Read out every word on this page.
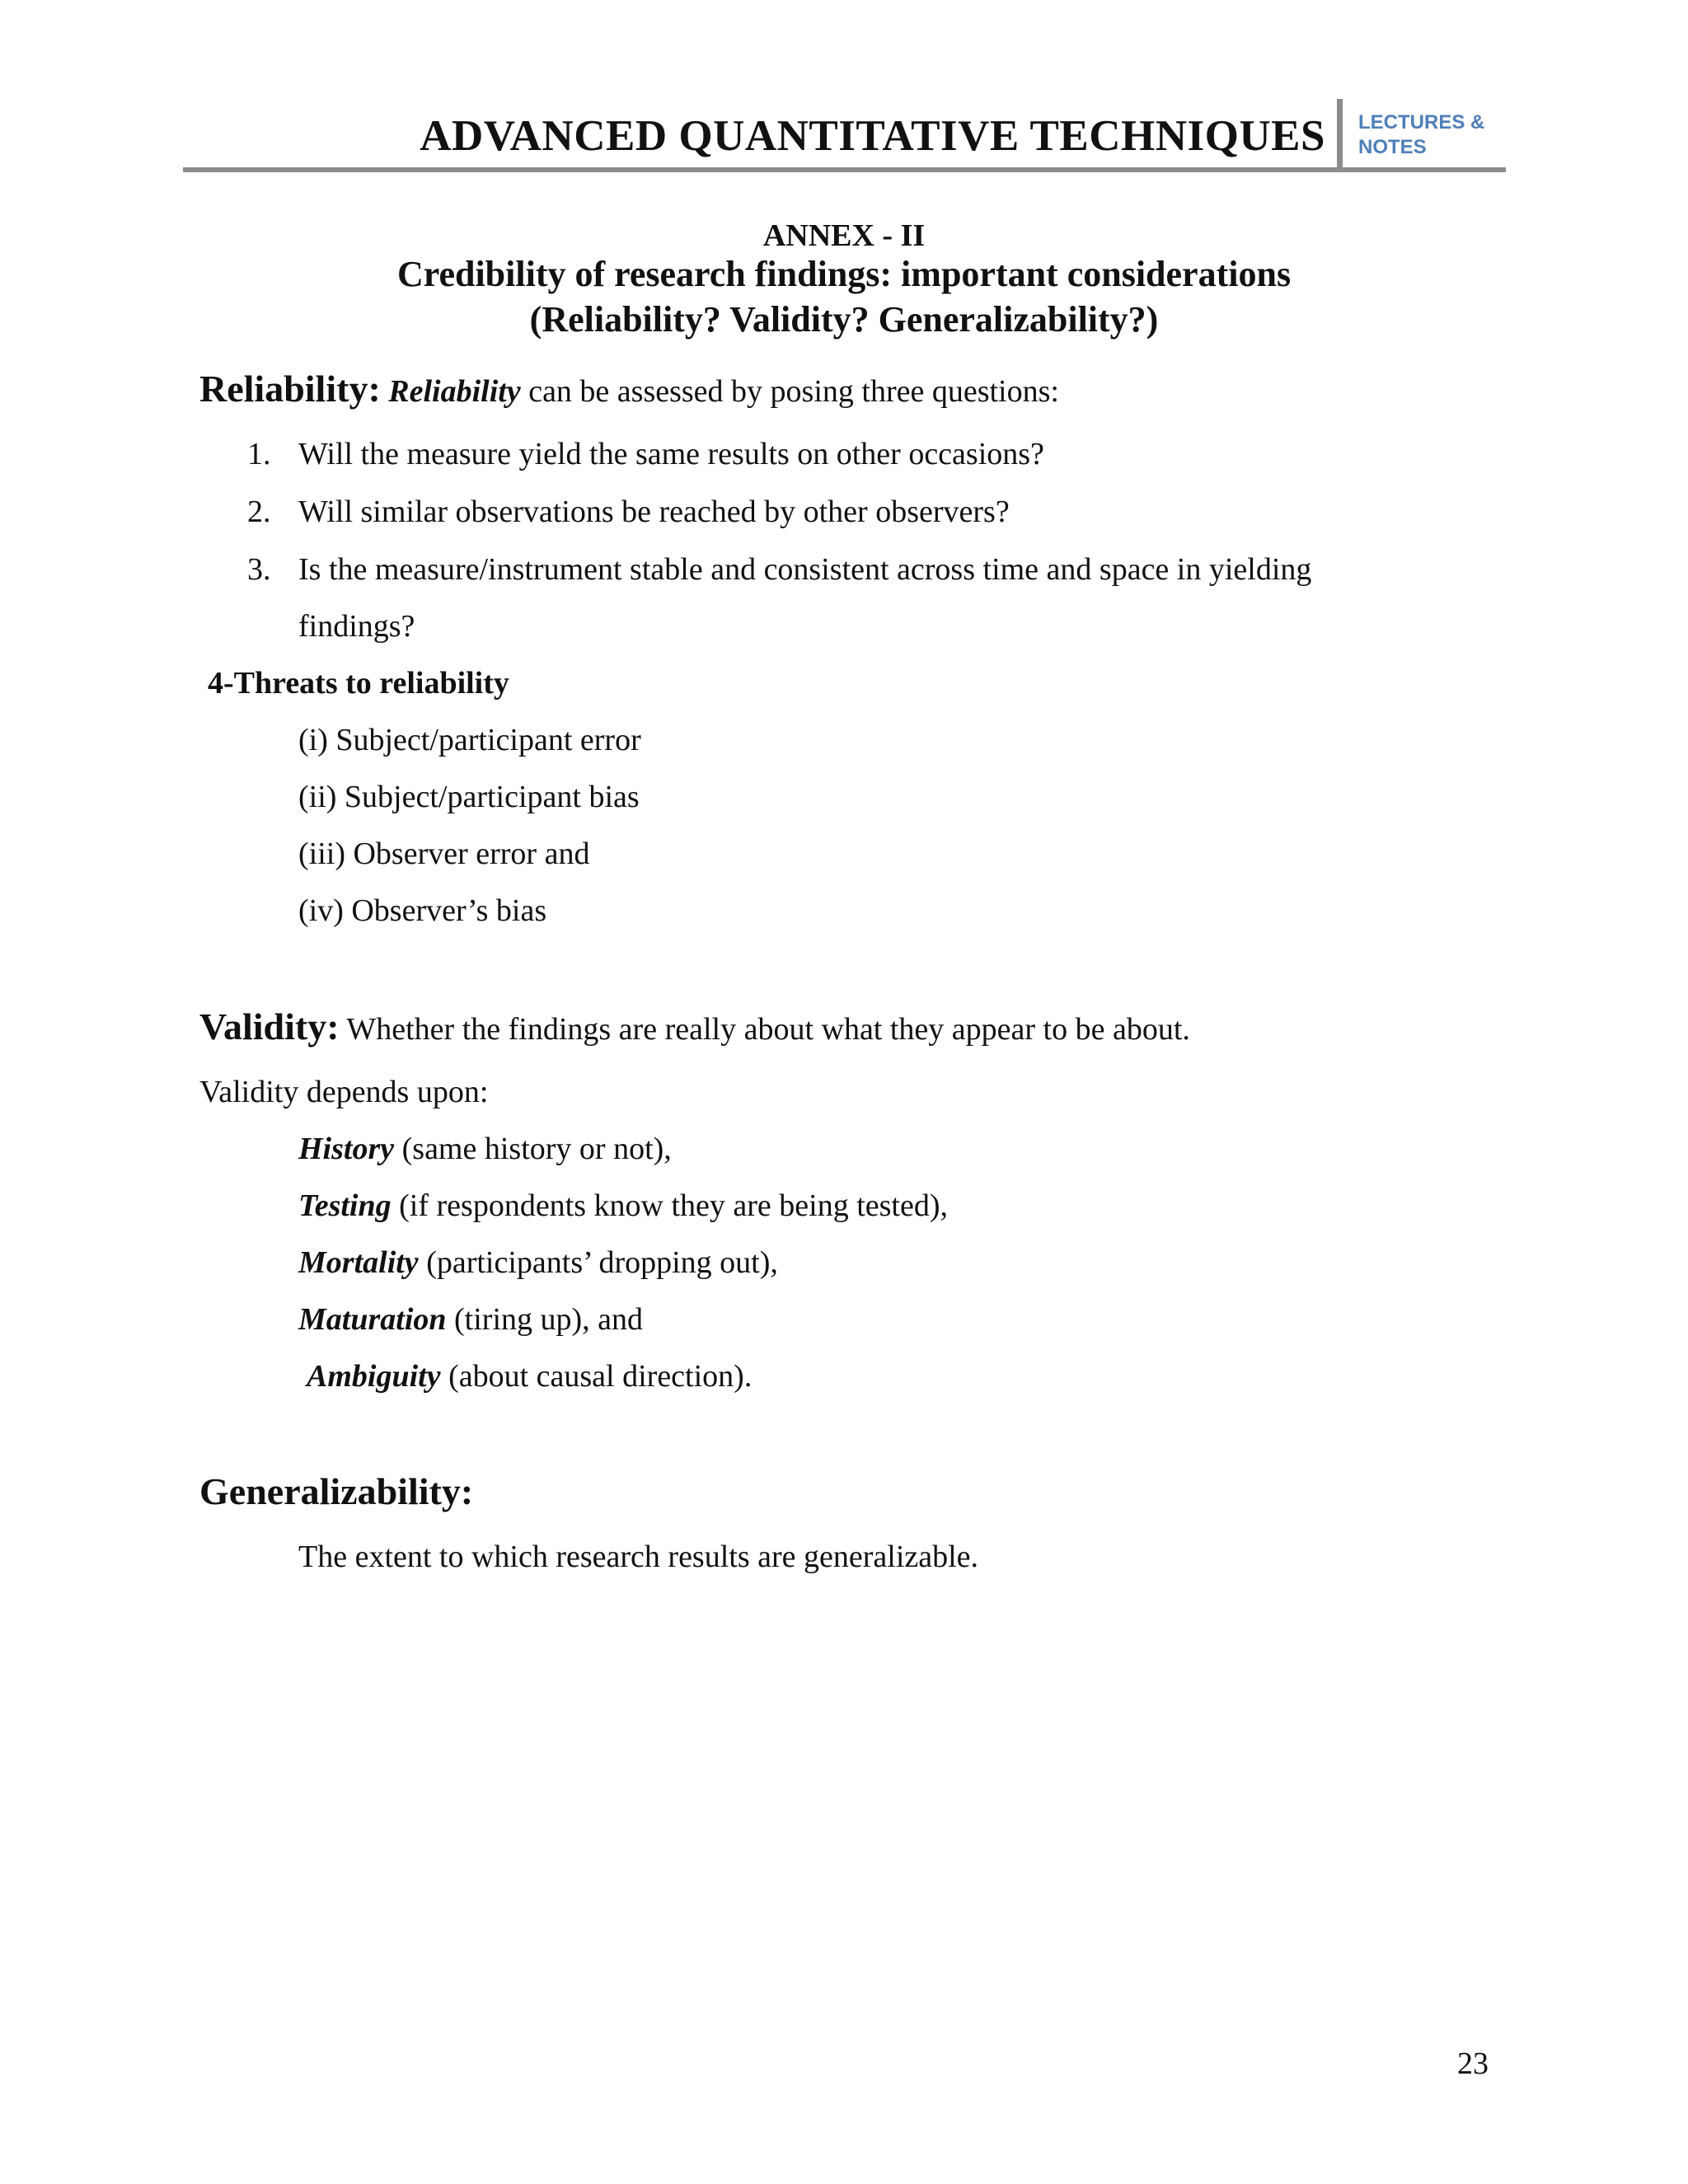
ADVANCED QUANTITATIVE TECHNIQUES LECTURES &
NOTES
ANNEX - II
Credibility of research findings: important considerations
(Reliability? Validity? Generalizability?)
Reliability: Reliability can be assessed by posing three questions:
1. Will the measure yield the same results on other occasions?
2. Will similar observations be reached by other observers?
3. Is the measure/instrument stable and consistent across time and space in yielding
findings?
4-Threats to reliability
(i) Subject/participant error
(ii) Subject/participant bias
(iii) Observer error and
(iv) Observer’s bias
Validity: Whether the findings are really about what they appear to be about.
Validity depends upon:
History (same history or not),
Testing (if respondents know they are being tested),
Mortality (participants’ dropping out),
Maturation (tiring up), and
Ambiguity (about causal direction).
Generalizability:
The extent to which research results are generalizable.
23
